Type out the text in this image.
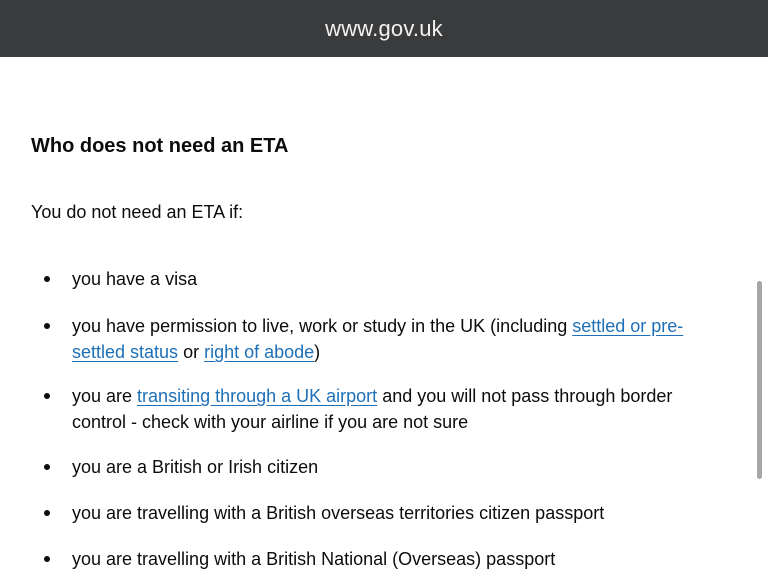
www.gov.uk
Who does not need an ETA

You do not need an ETA if:

you have a visa
you have permission to live, work or study in the UK (including settled or pre-settled status or right of abode)
you are transiting through a UK airport and you will not pass through border control - check with your airline if you are not sure
you are a British or Irish citizen
you are travelling with a British overseas territories citizen passport
you are travelling with a British National (Overseas) passport
